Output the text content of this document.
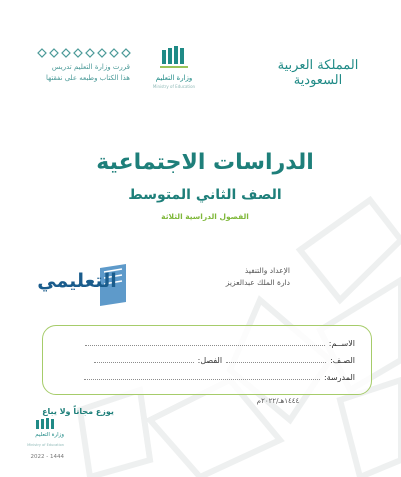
المملكة العربية السعودية
وزارة التعليم
Ministry of Education
قررت وزارة التعليم تدريس
هذا الكتاب وطبعه على نفقتها
الدراسات الاجتماعية
الصف الثاني المتوسط
الفصول الدراسية الثلاثة
التعليمي	الإعداد والتنفيذ
دارة الملك عبدالعزيز
الاســم:
الصـف:
الفصل:
المدرسة:
١٤٤٤هـ/٢٠٢٢م
يوزع مجاناً ولا يباع
وزارة التعليم
Ministry of Education
2022 - 1444
